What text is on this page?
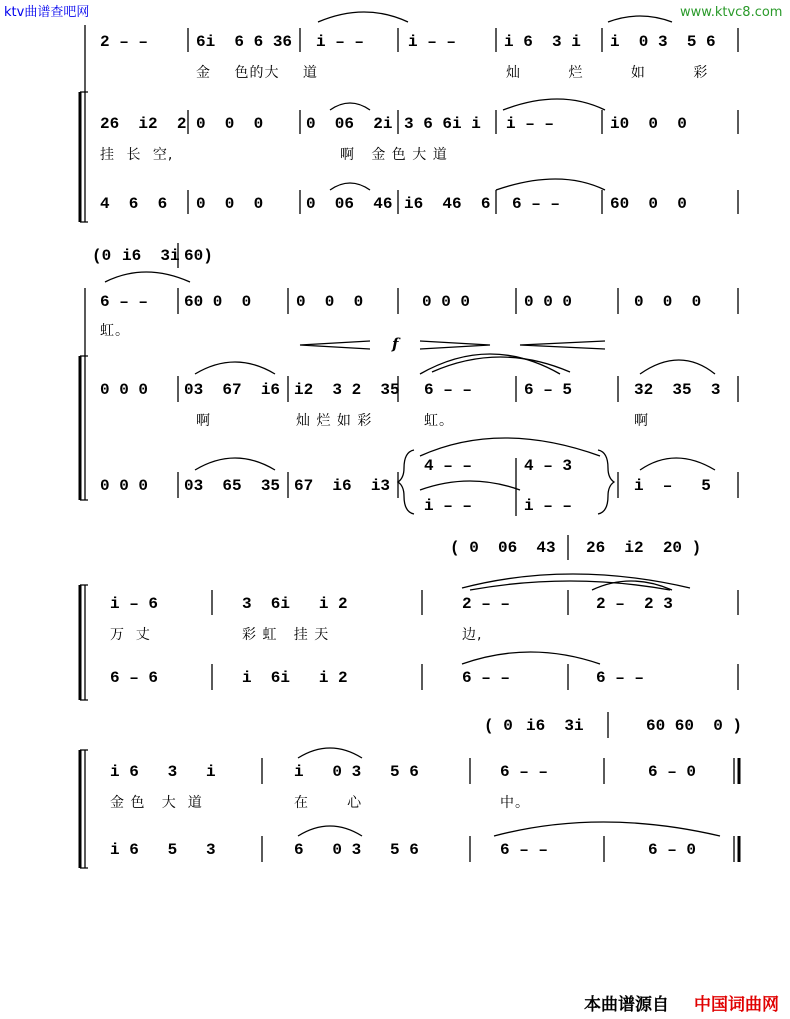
ktv曲谱查吧网	www.ktvc8.com
f
2 – –	6i  6 6 36 i – –	i – –	i 6  3 i i  0 3  5 6
金 色的大 道	灿 烂 如 彩
26  i2  2 0  0  0	0  06  2i 3 6 6i i i – –	i0  0  0
挂 长 空,	啊   金 色 大 道
4  6  6 0  0  0	0  06  46 i6  46  6 6 – –	60  0  0
(0 i6  3i 60)
6 – – 60 0  0	0  0  0	0 0 0	0 0 0	0  0  0
虹。
0 0 0 03  67  i6 i2  3 2  35 6 – –	6 – 5	32  35  3
啊	灿 烂 如 彩	虹。	啊
0 0 0 03  65  35 67  i6  i3
4 – –	4 – 3
i – –	i – –
i  –   5
( 0  06  43 26  i2  20 )
i – 6	3  6i   i 2	2 – –	2 –  2 3
万  丈	彩 虹   挂 天	边,
6 – 6	i  6i   i 2	6 – –	6 – –
( 0 i6  3i	60 60  0 )
i 6   3   i	i   0 3   5 6	6 – –	6 – 0
金 色   大  道	在       心	中。
i 6   5   3	6   0 3   5 6	6 – –	6 – 0
本曲谱源自 中国词曲网
